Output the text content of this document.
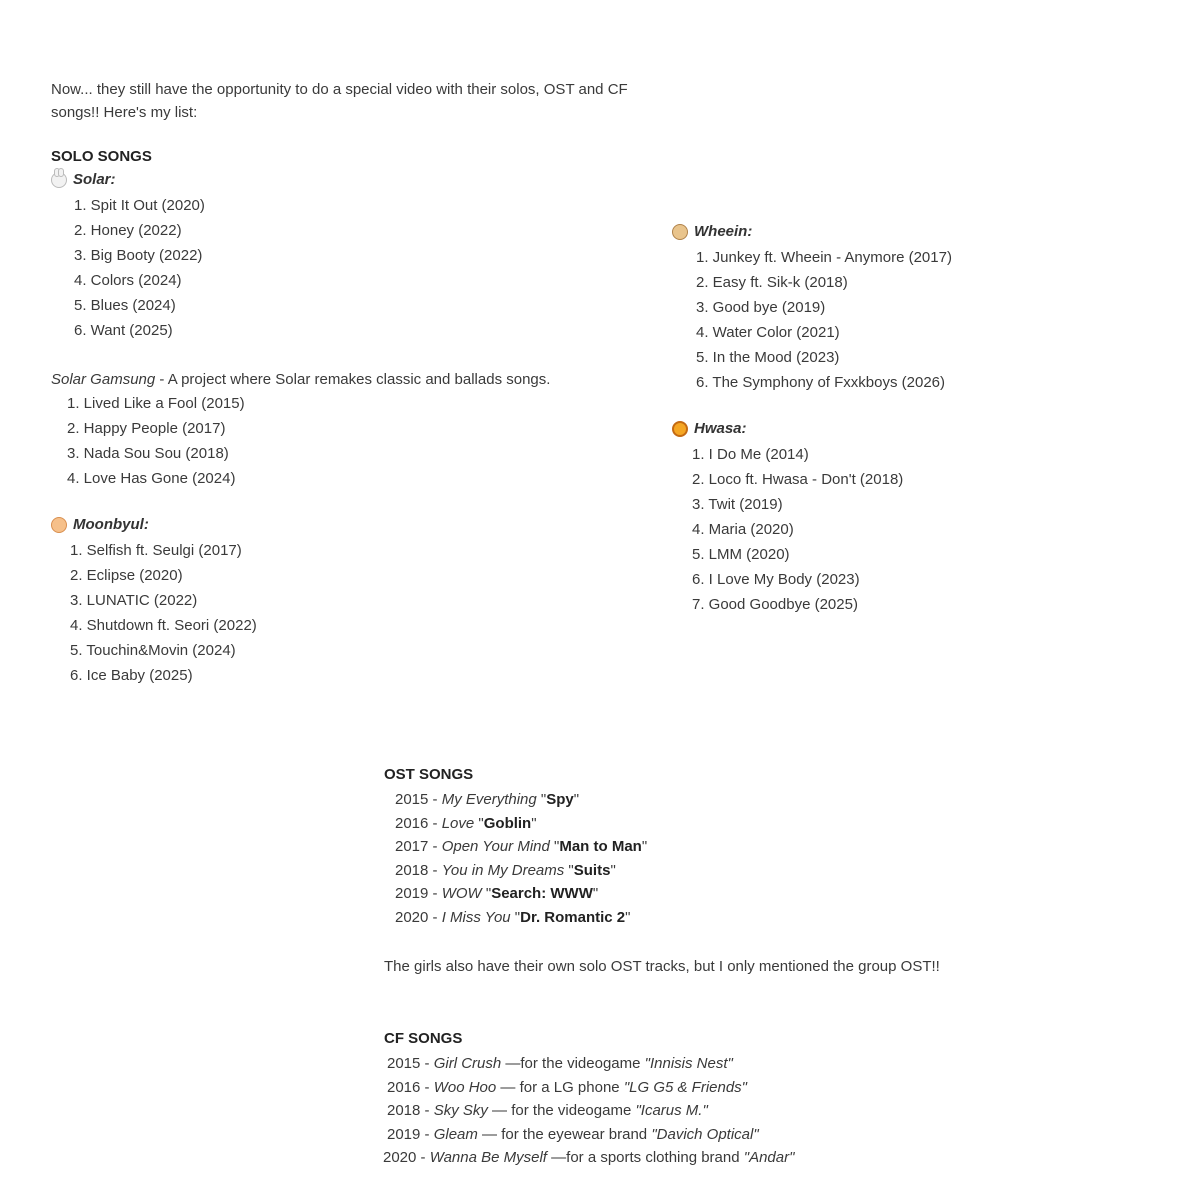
Now... they still have the opportunity to do a special video with their solos, OST and CF songs!! Here's my list:
SOLO SONGS
Solar:
1. Spit It Out (2020)
2. Honey (2022)
3. Big Booty (2022)
4. Colors (2024)
5. Blues (2024)
6. Want (2025)
Solar Gamsung - A project where Solar remakes classic and ballads songs.
1. Lived Like a Fool (2015)
2. Happy People (2017)
3. Nada Sou Sou (2018)
4. Love Has Gone (2024)
Moonbyul:
1. Selfish ft. Seulgi (2017)
2. Eclipse (2020)
3. LUNATIC (2022)
4. Shutdown ft. Seori (2022)
5. Touchin&Movin (2024)
6. Ice Baby (2025)
Wheein:
1. Junkey ft. Wheein - Anymore (2017)
2. Easy ft. Sik-k (2018)
3. Good bye (2019)
4. Water Color (2021)
5. In the Mood (2023)
6. The Symphony of Fxxkboys (2026)
Hwasa:
1. I Do Me (2014)
2. Loco ft. Hwasa - Don't (2018)
3. Twit (2019)
4. Maria (2020)
5. LMM (2020)
6. I Love My Body (2023)
7. Good Goodbye (2025)
OST SONGS
2015 - My Everything "Spy"
2016 - Love "Goblin"
2017 - Open Your Mind "Man to Man"
2018 - You in My Dreams "Suits"
2019 - WOW "Search: WWW"
2020 - I Miss You "Dr. Romantic 2"
The girls also have their own solo OST tracks, but I only mentioned the group OST!!
CF SONGS
2015 - Girl Crush —for the videogame "Innisis Nest"
2016 - Woo Hoo — for a LG phone "LG G5 & Friends"
2018 - Sky Sky — for the videogame "Icarus M."
2019 - Gleam — for the eyewear brand "Davich Optical"
2020 - Wanna Be Myself —for a sports clothing brand "Andar"
